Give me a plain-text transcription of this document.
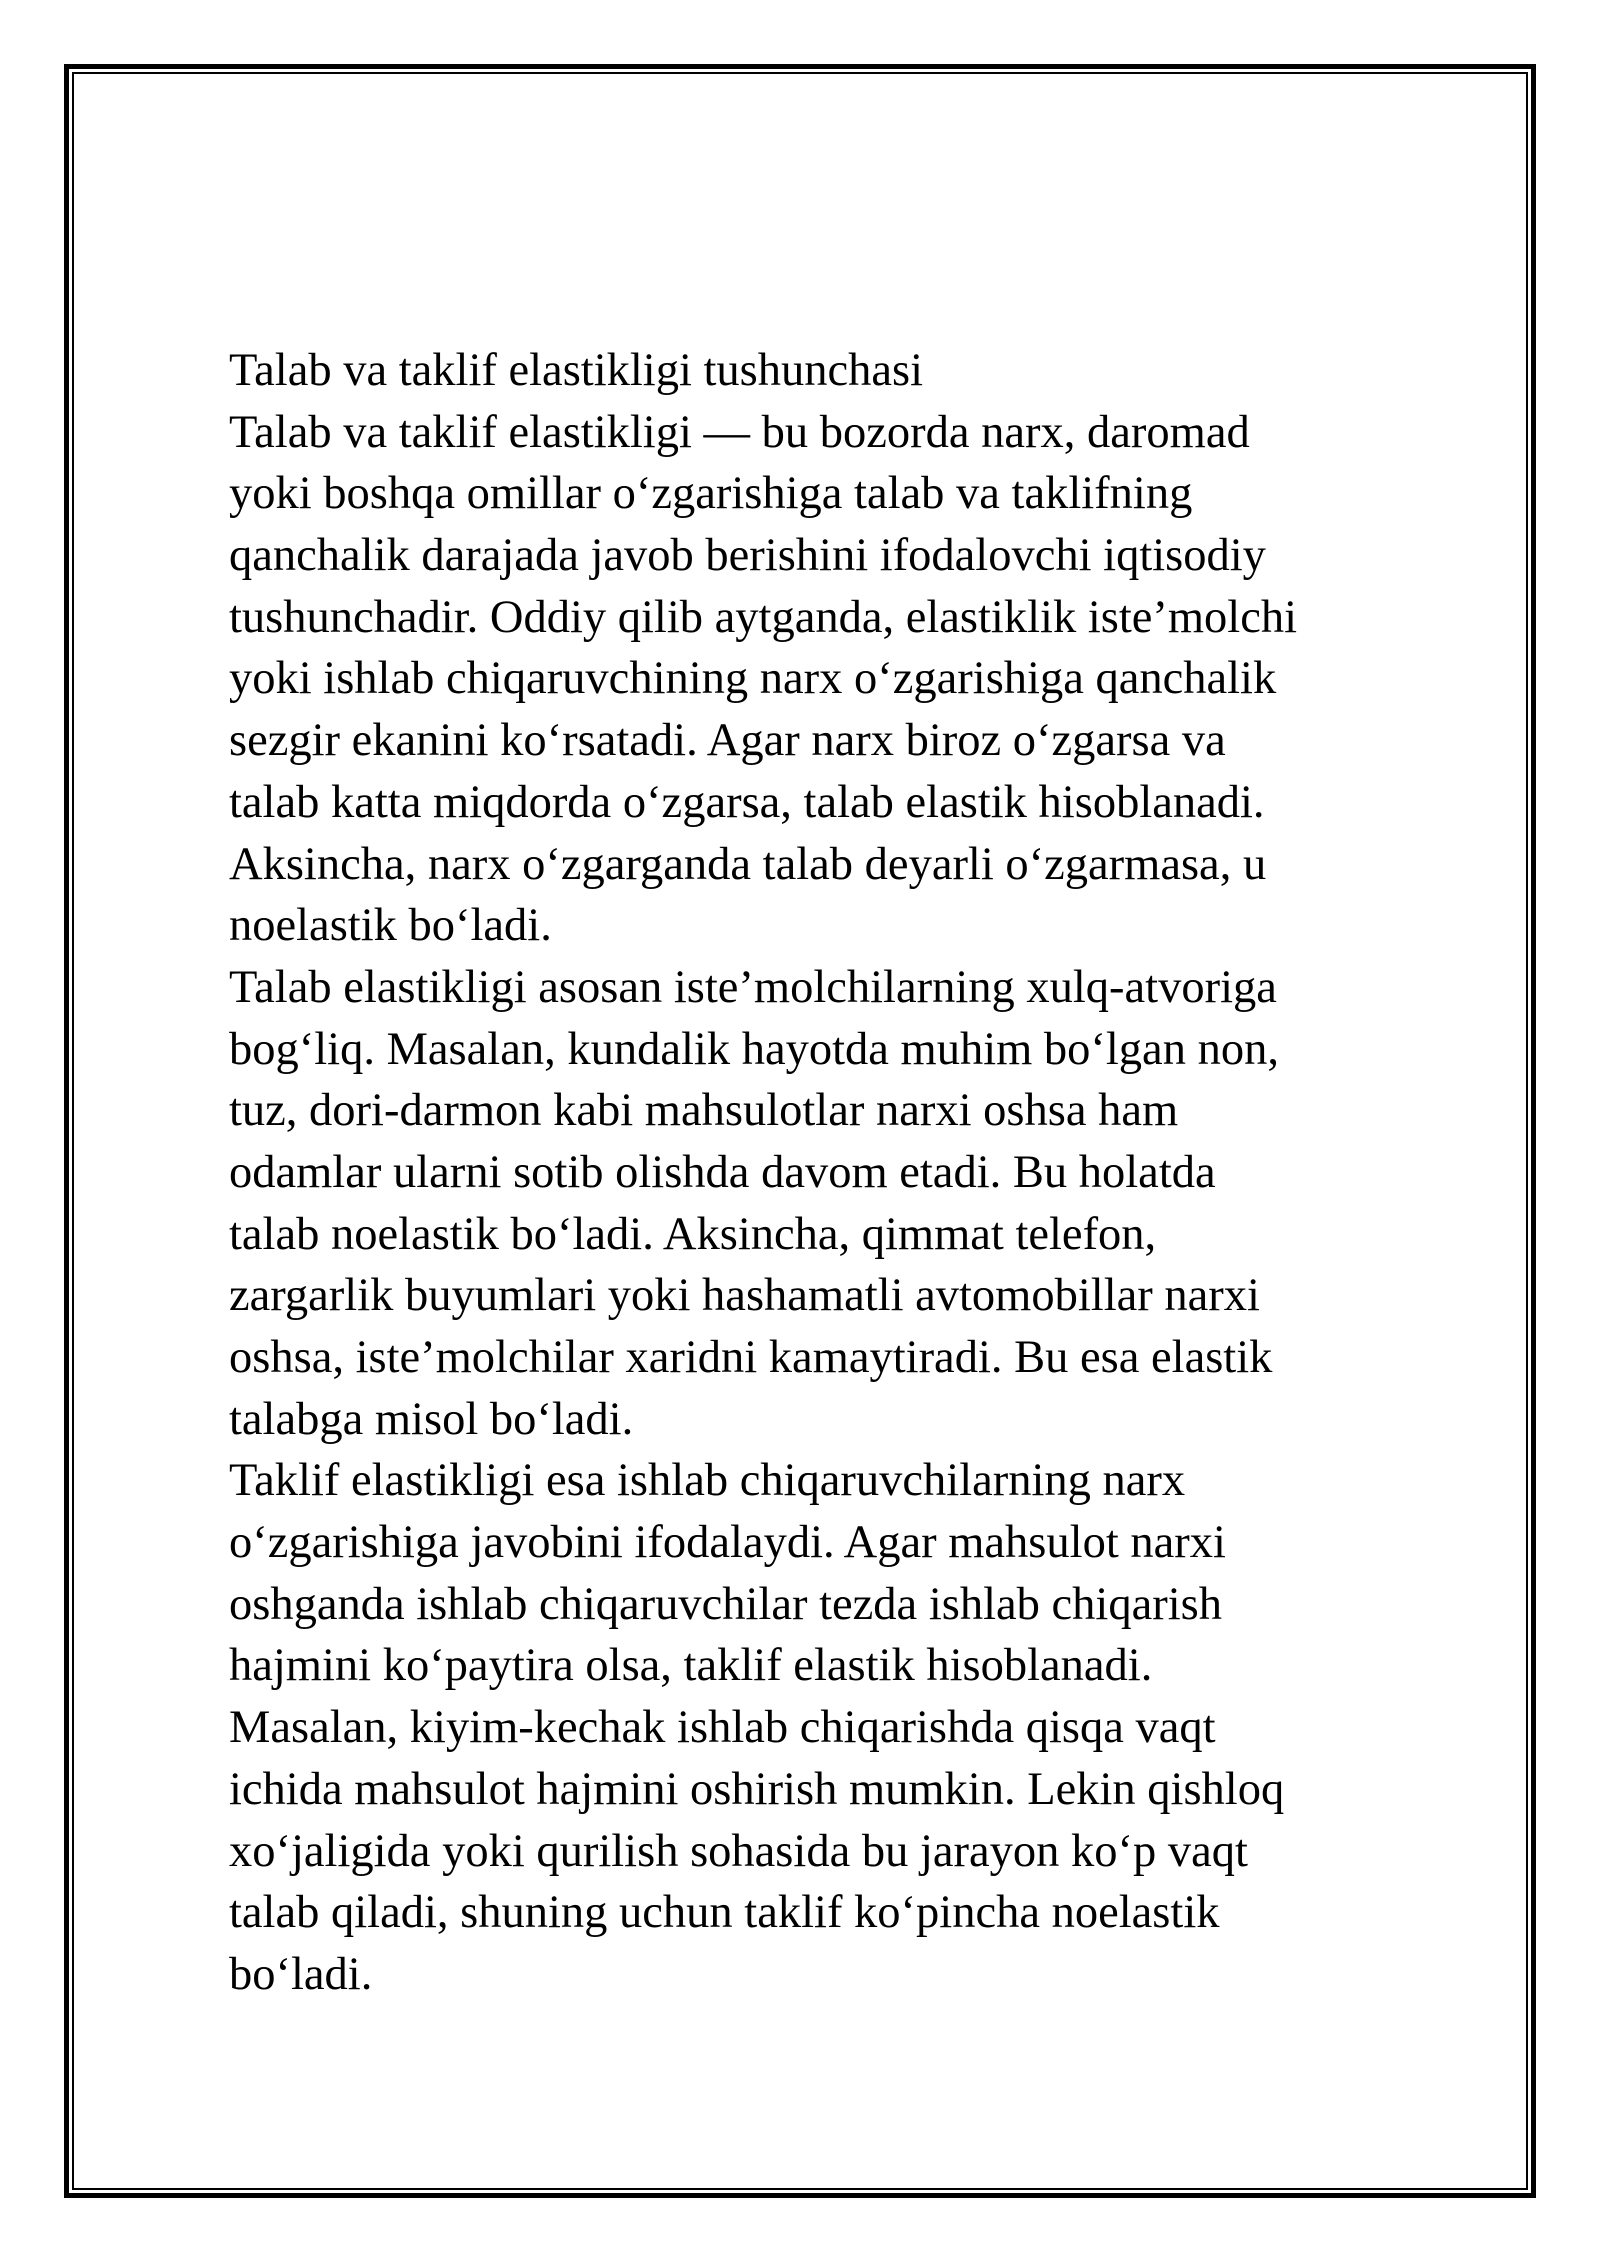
Talab va taklif elastikligi tushunchasi
Talab va taklif elastikligi — bu bozorda narx, daromad
yoki boshqa omillar o‘zgarishiga talab va taklifning
qanchalik darajada javob berishini ifodalovchi iqtisodiy
tushunchadir. Oddiy qilib aytganda, elastiklik iste’molchi
yoki ishlab chiqaruvchining narx o‘zgarishiga qanchalik
sezgir ekanini ko‘rsatadi. Agar narx biroz o‘zgarsa va
talab katta miqdorda o‘zgarsa, talab elastik hisoblanadi.
Aksincha, narx o‘zgarganda talab deyarli o‘zgarmasa, u
noelastik bo‘ladi.
Talab elastikligi asosan iste’molchilarning xulq-atvoriga
bog‘liq. Masalan, kundalik hayotda muhim bo‘lgan non,
tuz, dori-darmon kabi mahsulotlar narxi oshsa ham
odamlar ularni sotib olishda davom etadi. Bu holatda
talab noelastik bo‘ladi. Aksincha, qimmat telefon,
zargarlik buyumlari yoki hashamatli avtomobillar narxi
oshsa, iste’molchilar xaridni kamaytiradi. Bu esa elastik
talabga misol bo‘ladi.
Taklif elastikligi esa ishlab chiqaruvchilarning narx
o‘zgarishiga javobini ifodalaydi. Agar mahsulot narxi
oshganda ishlab chiqaruvchilar tezda ishlab chiqarish
hajmini ko‘paytira olsa, taklif elastik hisoblanadi.
Masalan, kiyim-kechak ishlab chiqarishda qisqa vaqt
ichida mahsulot hajmini oshirish mumkin. Lekin qishloq
xo‘jaligida yoki qurilish sohasida bu jarayon ko‘p vaqt
talab qiladi, shuning uchun taklif ko‘pincha noelastik
bo‘ladi.
